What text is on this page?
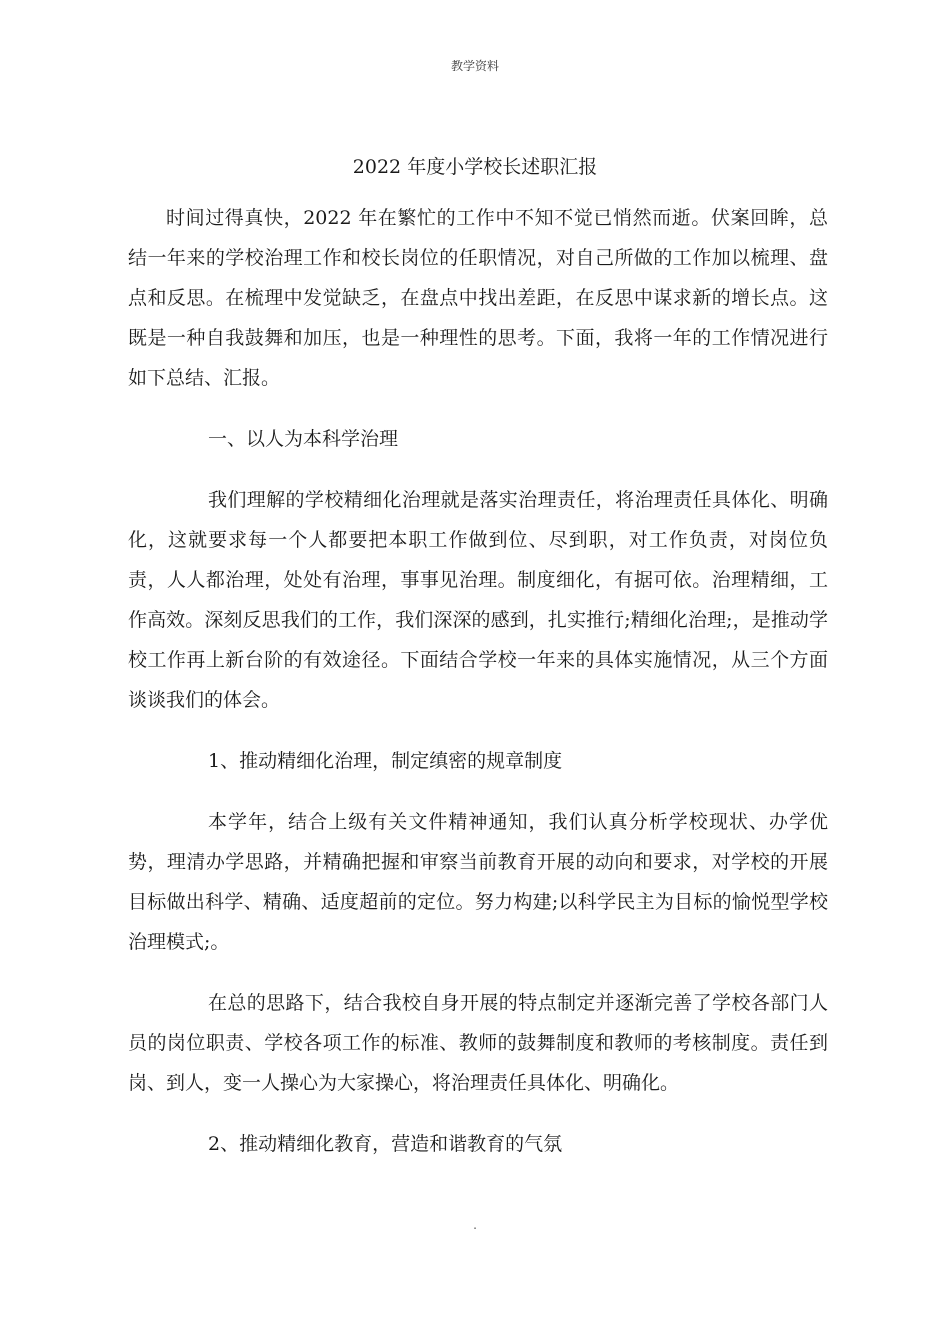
教学资料
2022 年度小学校长述职汇报

时间过得真快，2022 年在繁忙的工作中不知不觉已悄然而逝。伏案回眸，总结一年来的学校治理工作和校长岗位的任职情况，对自己所做的工作加以梳理、盘点和反思。在梳理中发觉缺乏，在盘点中找出差距，在反思中谋求新的增长点。这既是一种自我鼓舞和加压，也是一种理性的思考。下面，我将一年的工作情况进行如下总结、汇报。

一、以人为本科学治理

我们理解的学校精细化治理就是落实治理责任，将治理责任具体化、明确化，这就要求每一个人都要把本职工作做到位、尽到职，对工作负责，对岗位负责，人人都治理，处处有治理，事事见治理。制度细化，有据可依。治理精细，工作高效。深刻反思我们的工作，我们深深的感到，扎实推行;精细化治理;，是推动学校工作再上新台阶的有效途径。下面结合学校一年来的具体实施情况，从三个方面谈谈我们的体会。

1、推动精细化治理，制定缜密的规章制度

本学年，结合上级有关文件精神通知，我们认真分析学校现状、办学优势，理清办学思路，并精确把握和审察当前教育开展的动向和要求，对学校的开展目标做出科学、精确、适度超前的定位。努力构建;以科学民主为目标的愉悦型学校治理模式;。

在总的思路下，结合我校自身开展的特点制定并逐渐完善了学校各部门人员的岗位职责、学校各项工作的标准、教师的鼓舞制度和教师的考核制度。责任到岗、到人，变一人操心为大家操心，将治理责任具体化、明确化。

2、推动精细化教育，营造和谐教育的气氛
.
